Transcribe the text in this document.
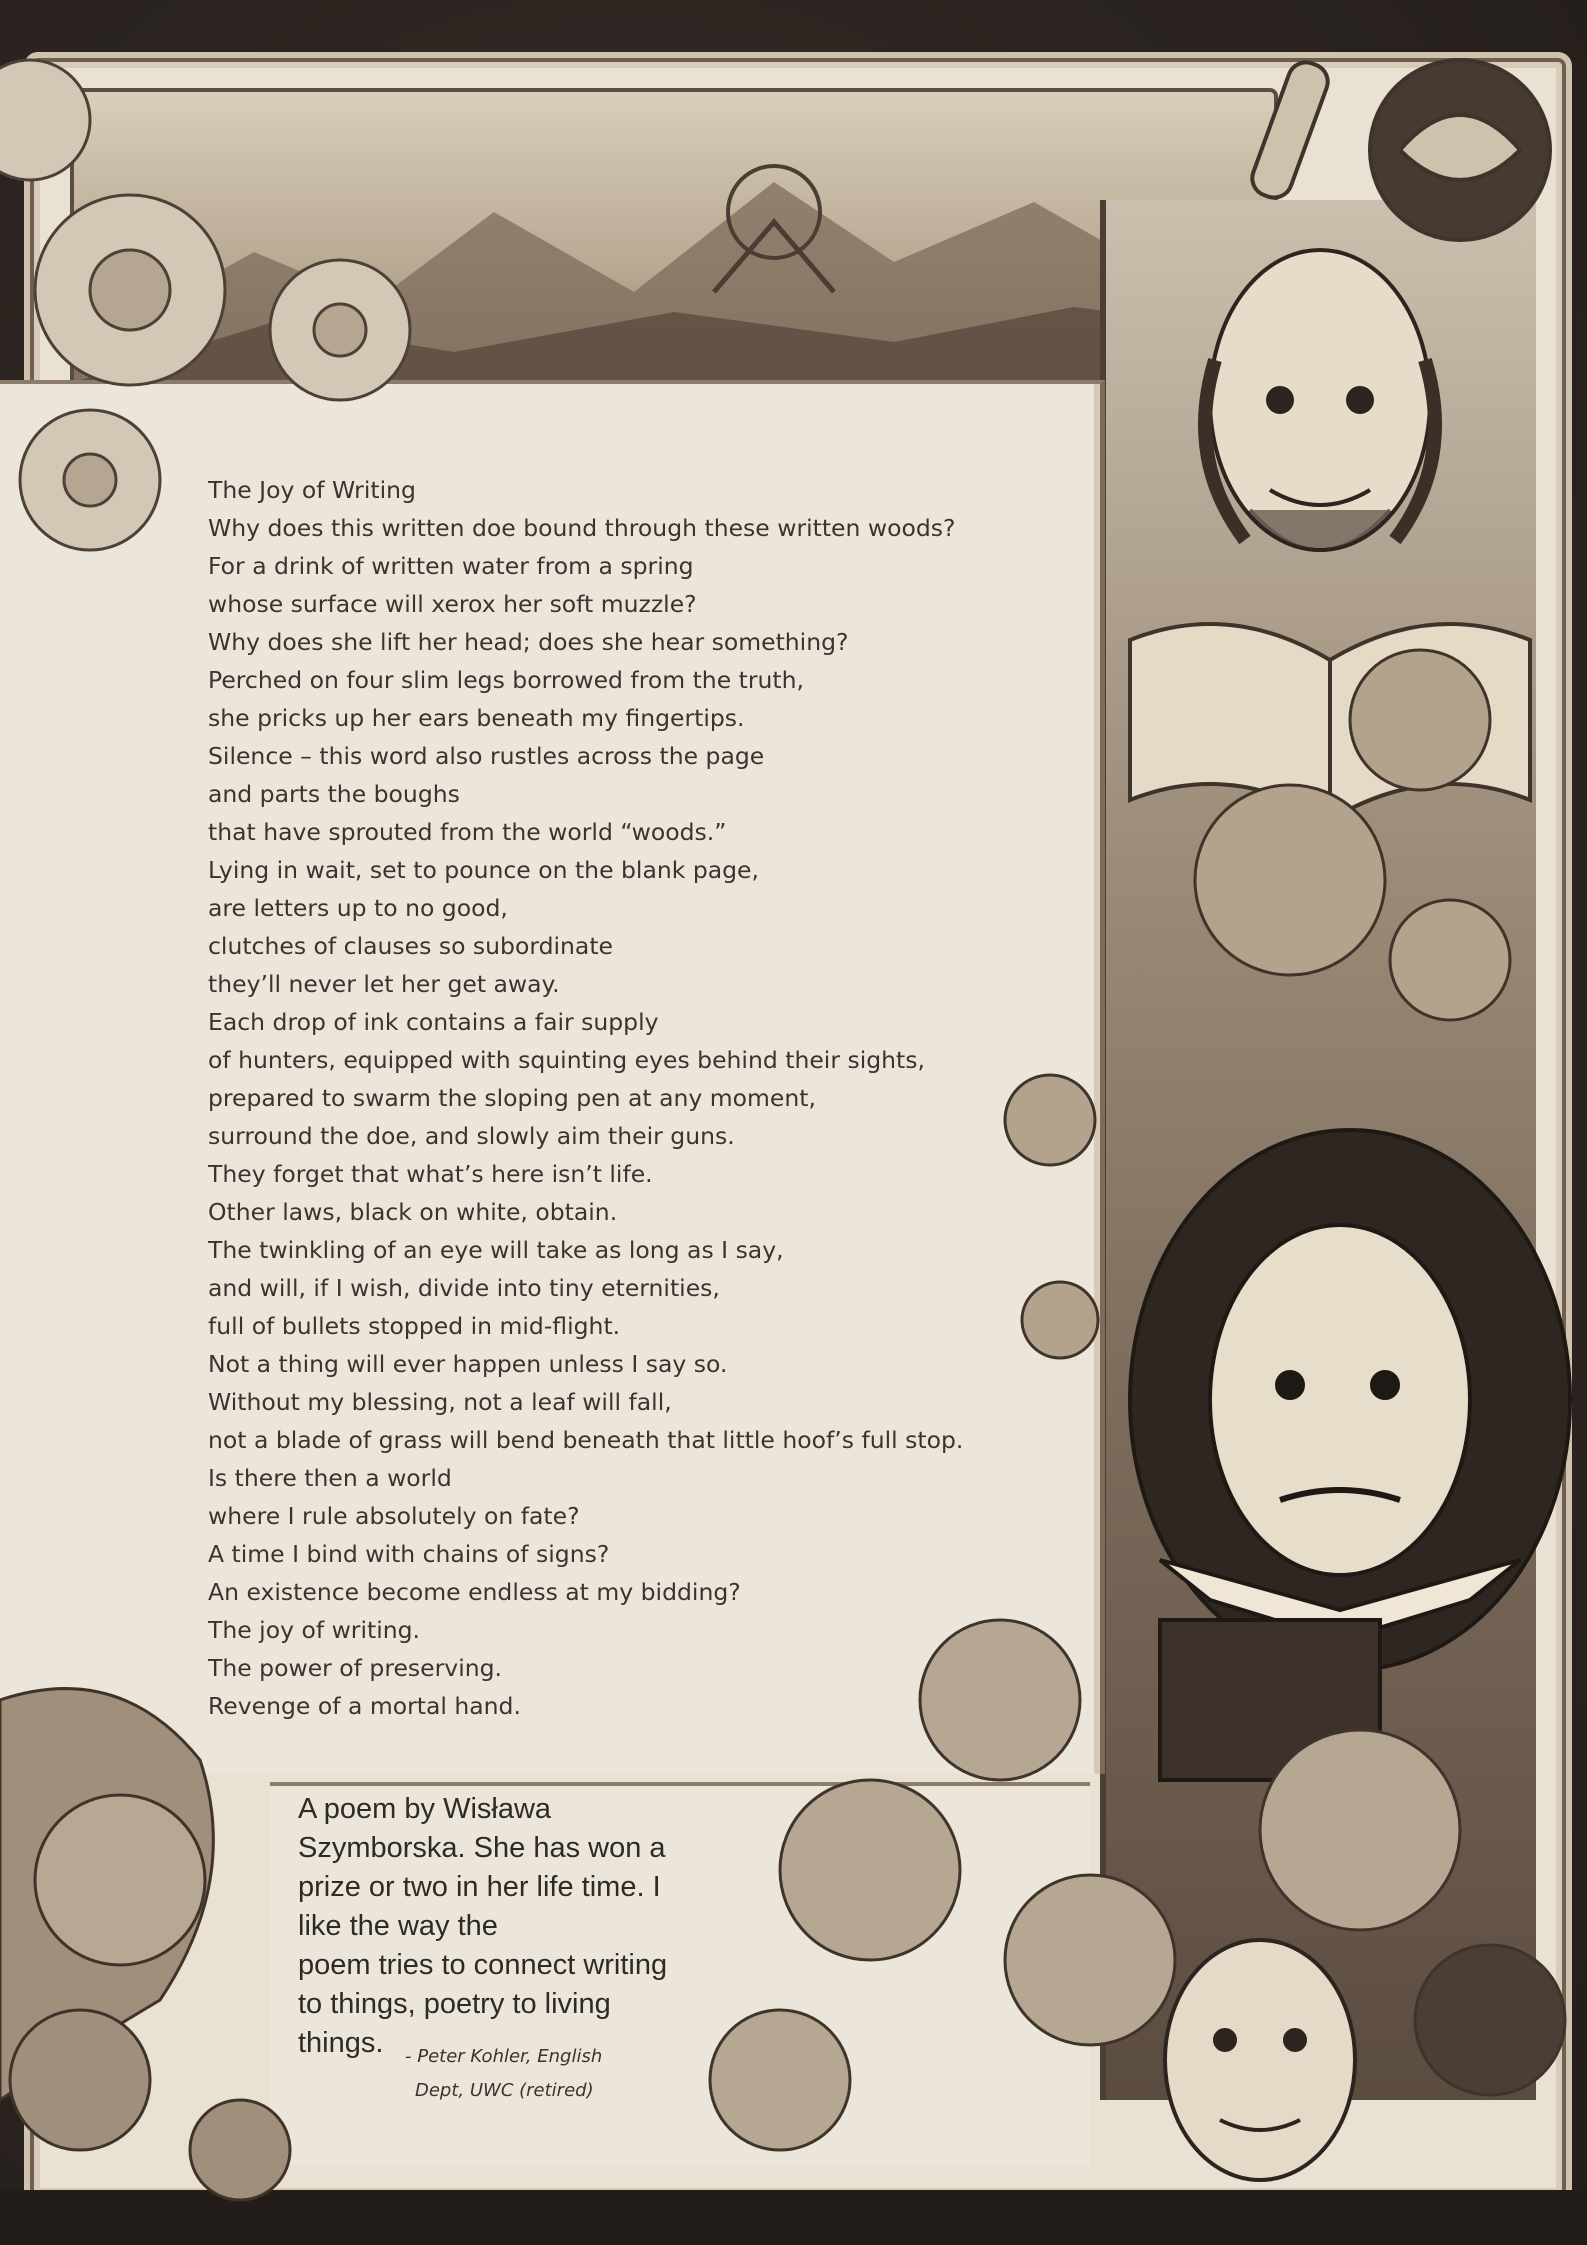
The Joy of Writing
Why does this written doe bound through these written woods?
For a drink of written water from a spring
whose surface will xerox her soft muzzle?
Why does she lift her head; does she hear something?
Perched on four slim legs borrowed from the truth,
she pricks up her ears beneath my fingertips.
Silence – this word also rustles across the page
and parts the boughs
that have sprouted from the world “woods.”
Lying in wait, set to pounce on the blank page,
are letters up to no good,
clutches of clauses so subordinate
they’ll never let her get away.
Each drop of ink contains a fair supply
of hunters, equipped with squinting eyes behind their sights,
prepared to swarm the sloping pen at any moment,
surround the doe, and slowly aim their guns.
They forget that what’s here isn’t life.
Other laws, black on white, obtain.
The twinkling of an eye will take as long as I say,
and will, if I wish, divide into tiny eternities,
full of bullets stopped in mid-flight.
Not a thing will ever happen unless I say so.
Without my blessing, not a leaf will fall,
not a blade of grass will bend beneath that little hoof’s full stop.
Is there then a world
where I rule absolutely on fate?
A time I bind with chains of signs?
An existence become endless at my bidding?
The joy of writing.
The power of preserving.
Revenge of a mortal hand.
A poem by Wisława
Szymborska. She has won a
prize or two in her life time. I
like the way the
poem tries to connect writing
to things, poetry to living
things.	- Peter Kohler, English
Dept, UWC (retired)
